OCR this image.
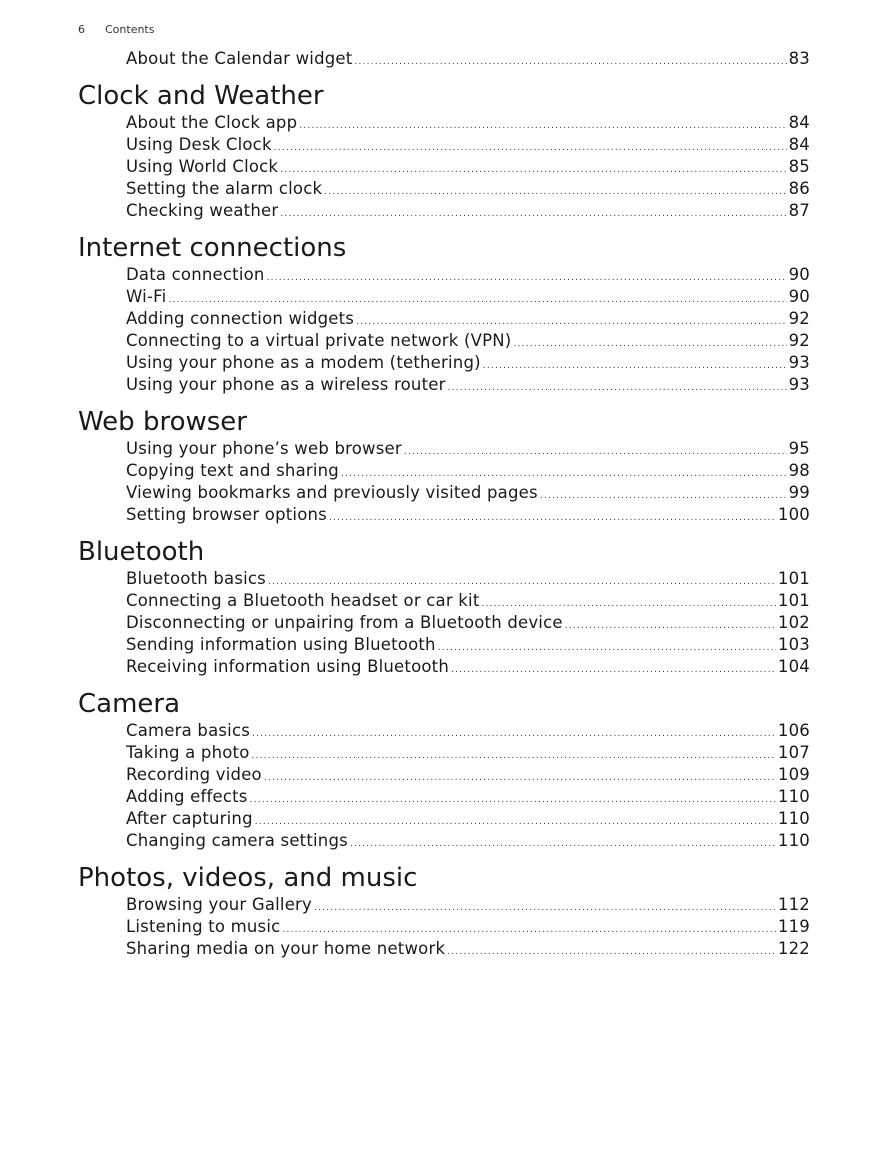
6 Contents
About the Calendar widget .....	83
Clock and Weather
About the Clock app .....	84
Using Desk Clock .....	84
Using World Clock .....	85
Setting the alarm clock .....	86
Checking weather .....	87
Internet connections
Data connection .....	90
Wi-Fi .....	90
Adding connection widgets .....	92
Connecting to a virtual private network (VPN) .....	92
Using your phone as a modem (tethering) .....	93
Using your phone as a wireless router .....	93
Web browser
Using your phone’s web browser .....	95
Copying text and sharing .....	98
Viewing bookmarks and previously visited pages .....	99
Setting browser options .....	100
Bluetooth
Bluetooth basics .....	101
Connecting a Bluetooth headset or car kit .....	101
Disconnecting or unpairing from a Bluetooth device .....	102
Sending information using Bluetooth .....	103
Receiving information using Bluetooth .....	104
Camera
Camera basics .....	106
Taking a photo .....	107
Recording video .....	109
Adding effects .....	110
After capturing .....	110
Changing camera settings .....	110
Photos, videos, and music
Browsing your Gallery .....	112
Listening to music .....	119
Sharing media on your home network .....	122
